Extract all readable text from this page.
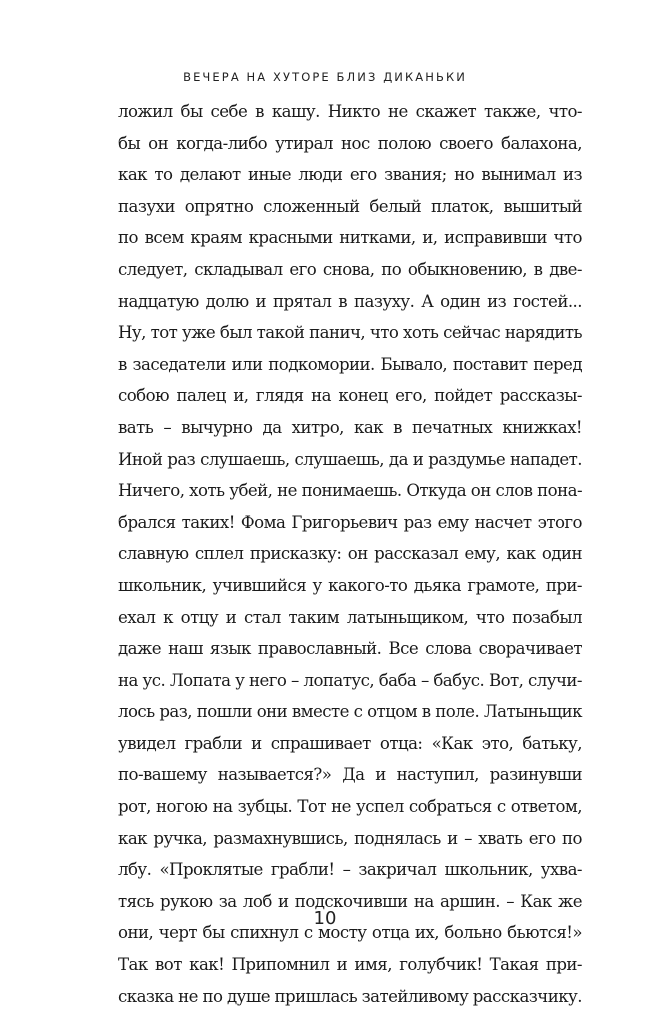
ВЕЧЕРА НА ХУТОРЕ БЛИЗ ДИКАНЬКИ
ложил бы себе в кашу. Никто не скажет также, что-
бы он когда-либо утирал нос полою своего балахона,
как то делают иные люди его звания; но вынимал из
пазухи опрятно сложенный белый платок, вышитый
по всем краям красными нитками, и, исправивши что
следует, складывал его снова, по обыкновению, в две-
надцатую долю и прятал в пазуху. А один из гостей...
Ну, тот уже был такой панич, что хоть сейчас нарядить
в заседатели или подкомории. Бывало, поставит перед
собою палец и, глядя на конец его, пойдет рассказы-
вать – вычурно да хитро, как в печатных книжках!
Иной раз слушаешь, слушаешь, да и раздумье нападет.
Ничего, хоть убей, не понимаешь. Откуда он слов пона-
брался таких! Фома Григорьевич раз ему насчет этого
славную сплел присказку: он рассказал ему, как один
школьник, учившийся у какого-то дьяка грамоте, при-
ехал к отцу и стал таким латыньщиком, что позабыл
даже наш язык православный. Все слова сворачивает
на ус. Лопата у него – лопатус, баба – бабус. Вот, случи-
лось раз, пошли они вместе с отцом в поле. Латыньщик
увидел грабли и спрашивает отца: «Как это, батьку,
по-вашему называется?» Да и наступил, разинувши
рот, ногою на зубцы. Тот не успел собраться с ответом,
как ручка, размахнувшись, поднялась и – хвать его по
лбу. «Проклятые грабли! – закричал школьник, ухва-
тясь рукою за лоб и подскочивши на аршин. – Как же
они, черт бы спихнул с мосту отца их, больно бьются!»
Так вот как! Припомнил и имя, голубчик! Такая при-
сказка не по душе пришлась затейливому рассказчику.
10
